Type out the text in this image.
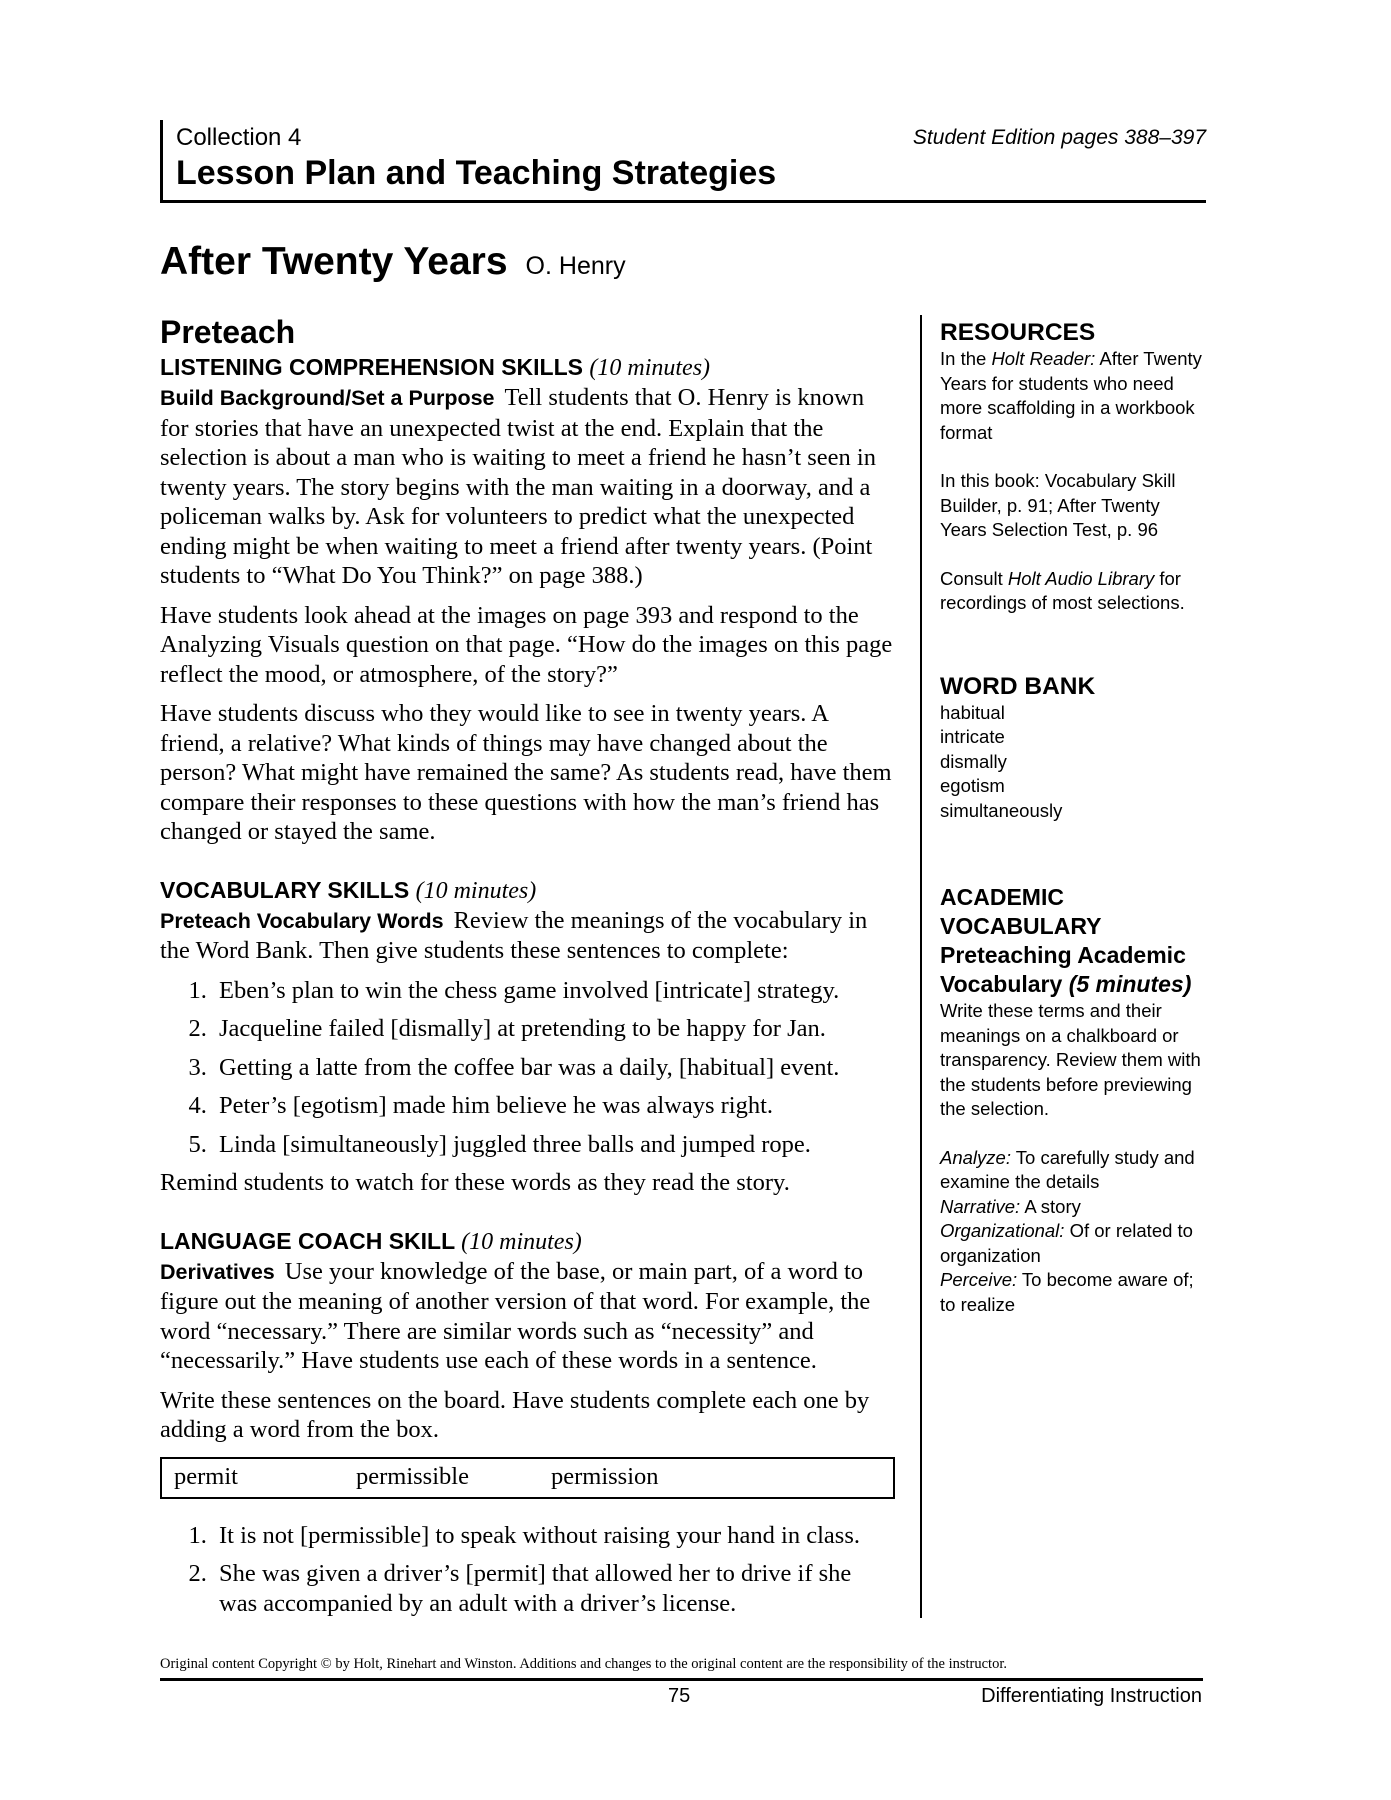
Collection 4	Student Edition pages 388–397
Lesson Plan and Teaching Strategies
After Twenty Years O. Henry
Preteach
LISTENING COMPREHENSION SKILLS (10 minutes)

Build Background/Set a Purpose Tell students that O. Henry is known for stories that have an unexpected twist at the end. Explain that the selection is about a man who is waiting to meet a friend he hasn’t seen in twenty years. The story begins with the man waiting in a doorway, and a policeman walks by. Ask for volunteers to predict what the unexpected ending might be when waiting to meet a friend after twenty years. (Point students to “What Do You Think?” on page 388.)

Have students look ahead at the images on page 393 and respond to the Analyzing Visuals question on that page. “How do the images on this page reflect the mood, or atmosphere, of the story?”

Have students discuss who they would like to see in twenty years. A friend, a relative? What kinds of things may have changed about the person? What might have remained the same? As students read, have them compare their responses to these questions with how the man’s friend has changed or stayed the same.

VOCABULARY SKILLS (10 minutes)

Preteach Vocabulary Words Review the meanings of the vocabulary in the Word Bank. Then give students these sentences to complete:

1. Eben’s plan to win the chess game involved [intricate] strategy.
2. Jacqueline failed [dismally] at pretending to be happy for Jan.
3. Getting a latte from the coffee bar was a daily, [habitual] event.
4. Peter’s [egotism] made him believe he was always right.
5. Linda [simultaneously] juggled three balls and jumped rope.

Remind students to watch for these words as they read the story.

LANGUAGE COACH SKILL (10 minutes)

Derivatives Use your knowledge of the base, or main part, of a word to figure out the meaning of another version of that word. For example, the word “necessary.” There are similar words such as “necessity” and “necessarily.” Have students use each of these words in a sentence.

Write these sentences on the board. Have students complete each one by adding a word from the box.

permit	permissible	permission
1. It is not [permissible] to speak without raising your hand in class.
2. She was given a driver’s [permit] that allowed her to drive if she was accompanied by an adult with a driver’s license.
RESOURCES

In the Holt Reader: After Twenty Years for students who need more scaffolding in a workbook format

In this book: Vocabulary Skill Builder, p. 91; After Twenty Years Selection Test, p. 96

Consult Holt Audio Library for recordings of most selections.

WORD BANK
habitual
intricate
dismally
egotism
simultaneously
ACADEMIC
VOCABULARY
Preteaching Academic Vocabulary (5 minutes)

Write these terms and their meanings on a chalkboard or transparency. Review them with the students before previewing the selection.

Analyze: To carefully study and examine the details
Narrative: A story
Organizational: Of or related to organization
Perceive: To become aware of; to realize
Original content Copyright © by Holt, Rinehart and Winston. Additions and changes to the original content are the responsibility of the instructor.
75	Differentiating Instruction
